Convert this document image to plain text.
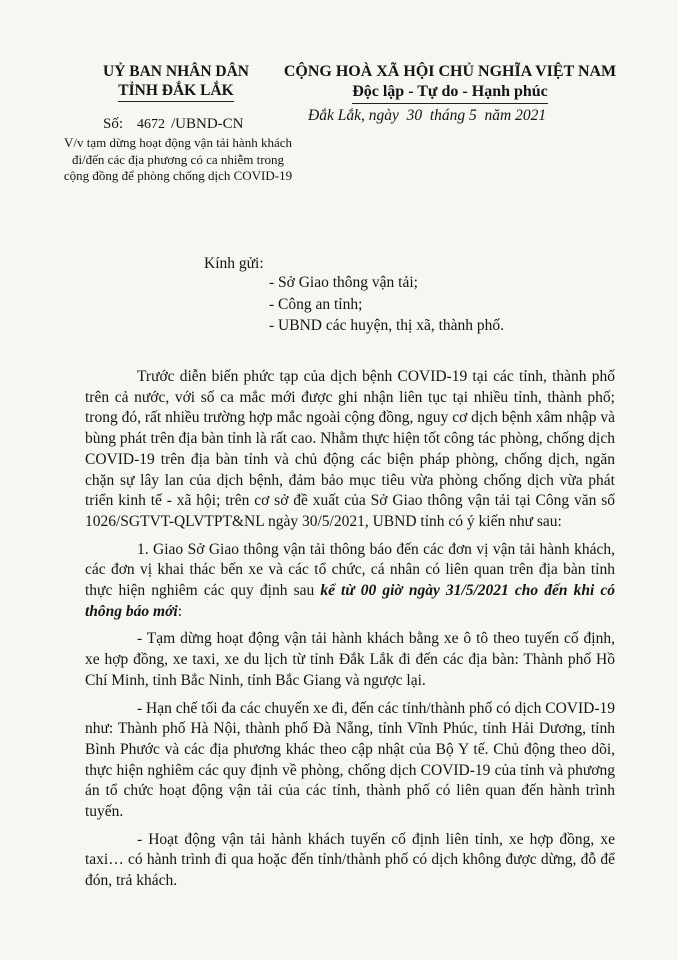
UỶ BAN NHÂN DÂN
TỈNH ĐẮK LẮK
CỘNG HOÀ XÃ HỘI CHỦ NGHĨA VIỆT NAM
Độc lập - Tự do - Hạnh phúc
Đắk Lắk, ngày  30  tháng 5  năm 2021
Số: 4672 /UBND-CN
V/v tạm dừng hoạt động vận tải hành khách đi/đến các địa phương có ca nhiễm trong cộng đồng để phòng chống dịch COVID-19
Kính gửi:
- Sở Giao thông vận tải;
- Công an tỉnh;
- UBND các huyện, thị xã, thành phố.

Trước diễn biến phức tạp của dịch bệnh COVID-19 tại các tỉnh, thành phố trên cả nước, với số ca mắc mới được ghi nhận liên tục tại nhiều tỉnh, thành phố; trong đó, rất nhiều trường hợp mắc ngoài cộng đồng, nguy cơ dịch bệnh xâm nhập và bùng phát trên địa bàn tỉnh là rất cao. Nhằm thực hiện tốt công tác phòng, chống dịch COVID-19 trên địa bàn tỉnh và chủ động các biện pháp phòng, chống dịch, ngăn chặn sự lây lan của dịch bệnh, đảm bảo mục tiêu vừa phòng chống dịch vừa phát triển kinh tế - xã hội; trên cơ sở đề xuất của Sở Giao thông vận tải tại Công văn số 1026/SGTVT-QLVTPT&NL ngày 30/5/2021, UBND tỉnh có ý kiến như sau:

1. Giao Sở Giao thông vận tải thông báo đến các đơn vị vận tải hành khách, các đơn vị khai thác bến xe và các tổ chức, cá nhân có liên quan trên địa bàn tỉnh thực hiện nghiêm các quy định sau kể từ 00 giờ ngày 31/5/2021 cho đến khi có thông báo mới:

- Tạm dừng hoạt động vận tải hành khách bằng xe ô tô theo tuyến cố định, xe hợp đồng, xe taxi, xe du lịch từ tỉnh Đắk Lắk đi đến các địa bàn: Thành phố Hồ Chí Minh, tỉnh Bắc Ninh, tỉnh Bắc Giang và ngược lại.

- Hạn chế tối đa các chuyến xe đi, đến các tỉnh/thành phố có dịch COVID-19 như: Thành phố Hà Nội, thành phố Đà Nẵng, tỉnh Vĩnh Phúc, tỉnh Hải Dương, tỉnh Bình Phước và các địa phương khác theo cập nhật của Bộ Y tế. Chủ động theo dõi, thực hiện nghiêm các quy định về phòng, chống dịch COVID-19 của tỉnh và phương án tổ chức hoạt động vận tải của các tỉnh, thành phố có liên quan đến hành trình tuyến.

- Hoạt động vận tải hành khách tuyến cố định liên tỉnh, xe hợp đồng, xe taxi… có hành trình đi qua hoặc đến tỉnh/thành phố có dịch không được dừng, đỗ để đón, trả khách.
